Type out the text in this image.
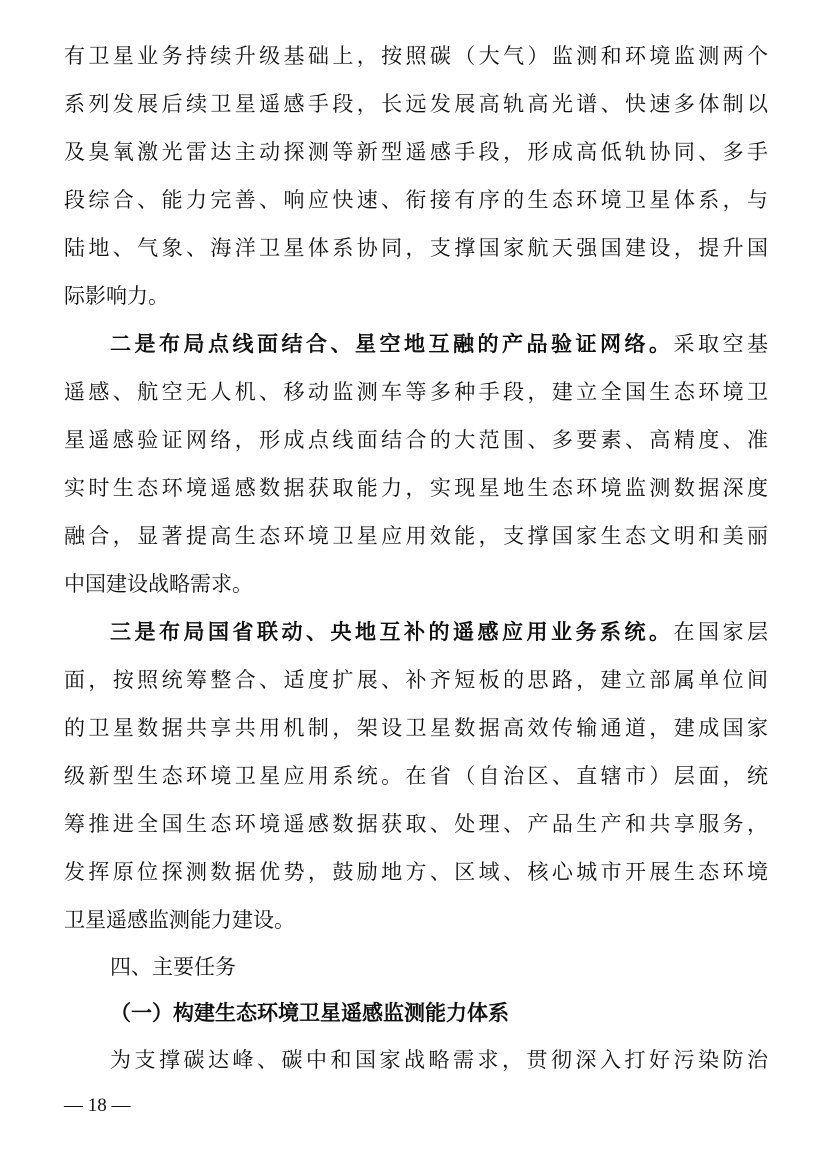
有卫星业务持续升级基础上，按照碳（大气）监测和环境监测两个
系列发展后续卫星遥感手段，长远发展高轨高光谱、快速多体制以
及臭氧激光雷达主动探测等新型遥感手段，形成高低轨协同、多手
段综合、能力完善、响应快速、衔接有序的生态环境卫星体系，与
陆地、气象、海洋卫星体系协同，支撑国家航天强国建设，提升国
际影响力。
二是布局点线面结合、星空地互融的产品验证网络。采取空基
遥感、航空无人机、移动监测车等多种手段，建立全国生态环境卫
星遥感验证网络，形成点线面结合的大范围、多要素、高精度、准
实时生态环境遥感数据获取能力，实现星地生态环境监测数据深度
融合，显著提高生态环境卫星应用效能，支撑国家生态文明和美丽
中国建设战略需求。
三是布局国省联动、央地互补的遥感应用业务系统。在国家层
面，按照统筹整合、适度扩展、补齐短板的思路，建立部属单位间
的卫星数据共享共用机制，架设卫星数据高效传输通道，建成国家
级新型生态环境卫星应用系统。在省（自治区、直辖市）层面，统
筹推进全国生态环境遥感数据获取、处理、产品生产和共享服务，
发挥原位探测数据优势，鼓励地方、区域、核心城市开展生态环境
卫星遥感监测能力建设。
四、主要任务
（一）构建生态环境卫星遥感监测能力体系
为支撑碳达峰、碳中和国家战略需求，贯彻深入打好污染防治
— 18 —
